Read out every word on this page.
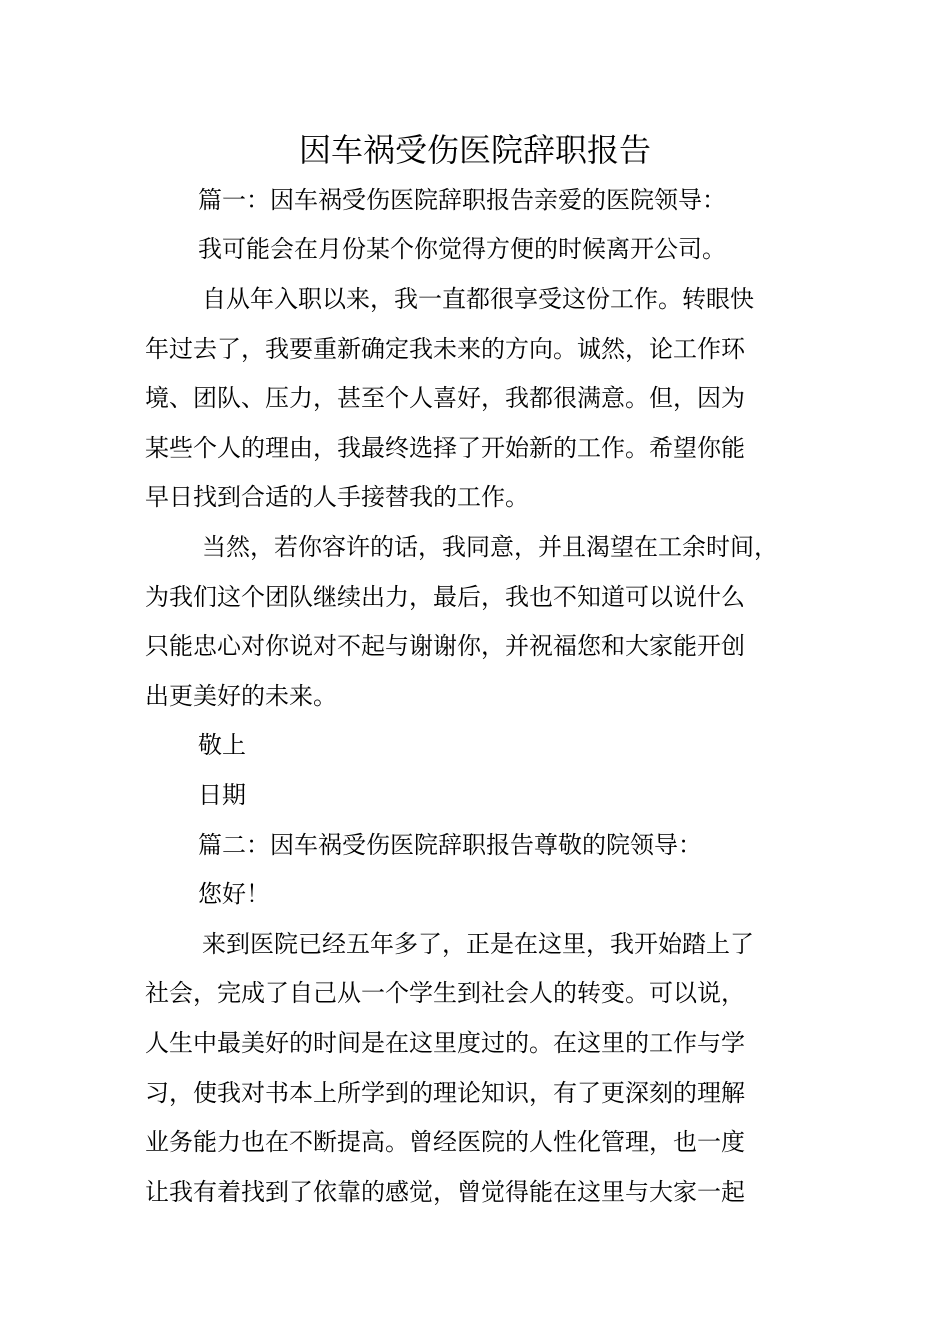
因车祸受伤医院辞职报告

篇一：因车祸受伤医院辞职报告亲爱的医院领导：

我可能会在月份某个你觉得方便的时候离开公司。

自从年入职以来，我一直都很享受这份工作。转眼快

年过去了，我要重新确定我未来的方向。诚然，论工作环

境、团队、压力，甚至个人喜好，我都很满意。但，因为

某些个人的理由，我最终选择了开始新的工作。希望你能

早日找到合适的人手接替我的工作。

当然，若你容许的话，我同意，并且渴望在工余时间，

为我们这个团队继续出力，最后，我也不知道可以说什么

只能忠心对你说对不起与谢谢你，并祝福您和大家能开创

出更美好的未来。

敬上

日期

篇二：因车祸受伤医院辞职报告尊敬的院领导：

您好！

来到医院已经五年多了，正是在这里，我开始踏上了

社会，完成了自己从一个学生到社会人的转变。可以说，

人生中最美好的时间是在这里度过的。在这里的工作与学

习，使我对书本上所学到的理论知识，有了更深刻的理解

业务能力也在不断提高。曾经医院的人性化管理，也一度

让我有着找到了依靠的感觉，曾觉得能在这里与大家一起
